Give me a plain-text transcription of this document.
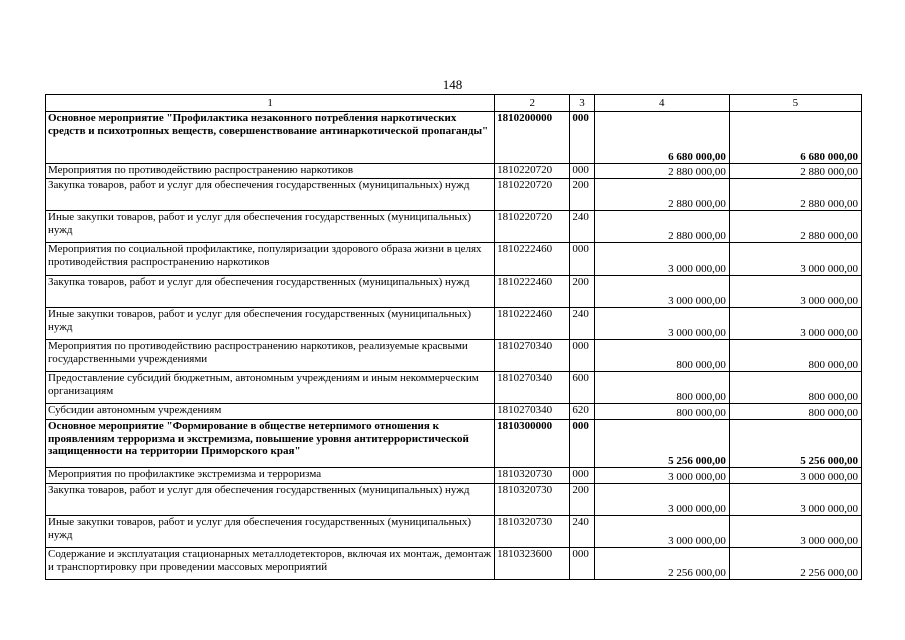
148
1	2	3	4	5
Основное мероприятие "Профилактика незаконного потребления наркотических средств и психотропных веществ, совершенствование антинаркотической пропаганды"	1810200000	000	6 680 000,00	6 680 000,00
Мероприятия по противодействию распространению наркотиков	1810220720	000	2 880 000,00	2 880 000,00
Закупка товаров, работ и услуг для обеспечения государственных (муниципальных) нужд	1810220720	200	2 880 000,00	2 880 000,00
Иные закупки товаров, работ и услуг для обеспечения государственных (муниципальных) нужд	1810220720	240	2 880 000,00	2 880 000,00
Мероприятия по социальной профилактике, популяризации здорового образа жизни в целях противодействия распространению наркотиков	1810222460	000	3 000 000,00	3 000 000,00
Закупка товаров, работ и услуг для обеспечения государственных (муниципальных) нужд	1810222460	200	3 000 000,00	3 000 000,00
Иные закупки товаров, работ и услуг для обеспечения государственных (муниципальных) нужд	1810222460	240	3 000 000,00	3 000 000,00
Мероприятия по противодействию распространению наркотиков, реализуемые красвыми государственными учреждениями	1810270340	000	800 000,00	800 000,00
Предоставление субсидий бюджетным, автономным учреждениям и иным некоммерческим организациям	1810270340	600	800 000,00	800 000,00
Субсидии автономным учреждениям	1810270340	620	800 000,00	800 000,00
Основное мероприятие "Формирование в обществе нетерпимого отношения к проявлениям терроризма и экстремизма, повышение уровня антитеррористической защищенности на территории Приморского края"	1810300000	000	5 256 000,00	5 256 000,00
Мероприятия по профилактике экстремизма и терроризма	1810320730	000	3 000 000,00	3 000 000,00
Закупка товаров, работ и услуг для обеспечения государственных (муниципальных) нужд	1810320730	200	3 000 000,00	3 000 000,00
Иные закупки товаров, работ и услуг для обеспечения государственных (муниципальных) нужд	1810320730	240	3 000 000,00	3 000 000,00
Содержание и эксплуатация стационарных металлодетекторов, включая их монтаж, демонтаж и транспортировку при проведении массовых мероприятий	1810323600	000	2 256 000,00	2 256 000,00
